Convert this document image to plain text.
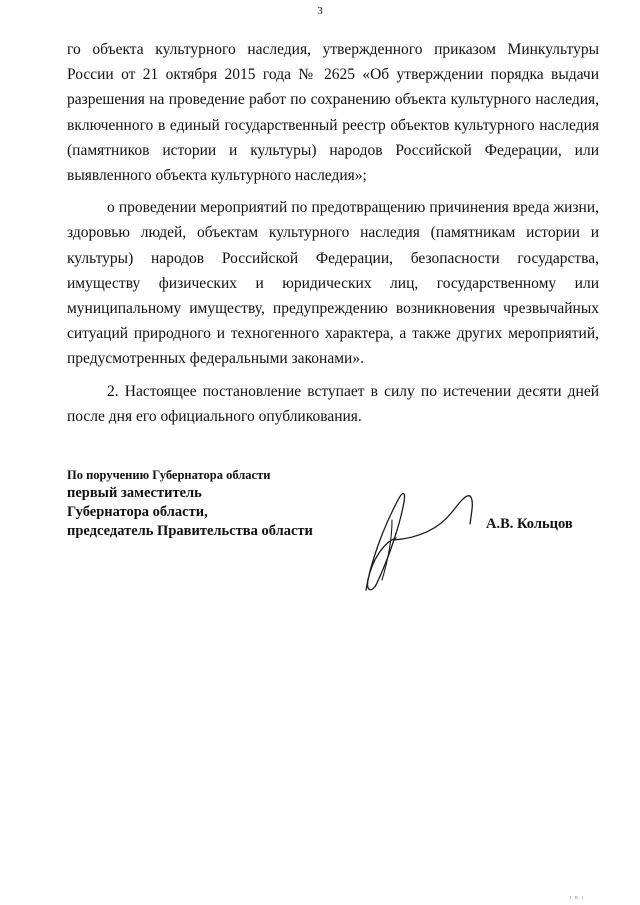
3

го объекта культурного наследия, утвержденного приказом Минкультуры России от 21 октября 2015 года № 2625 «Об утверждении порядка выдачи разрешения на проведение работ по сохранению объекта культурного наследия, включенного в единый государственный реестр объектов культурного наследия (памятников истории и культуры) народов Российской Федерации, или выявленного объекта культурного наследия»;

о проведении мероприятий по предотвращению причинения вреда жизни, здоровью людей, объектам культурного наследия (памятникам истории и культуры) народов Российской Федерации, безопасности государства, имуществу физических и юридических лиц, государственному или муниципальному имуществу, предупреждению возникновения чрезвычайных ситуаций природного и техногенного характера, а также других мероприятий, предусмотренных федеральными законами».

2. Настоящее постановление вступает в силу по истечении десяти дней после дня его официального опубликования.

По поручению Губернатора области
первый заместитель
Губернатора области,
председатель Правительства области	А.В. Кольцов
ı ʙ ı
